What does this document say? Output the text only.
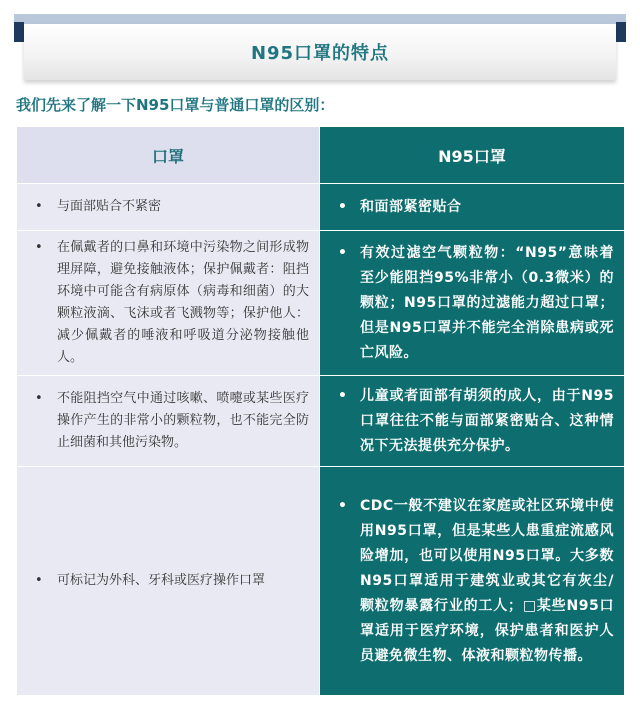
N95口罩的特点
我们先来了解一下N95口罩与普通口罩的区别：
口罩	N95口罩

• 与面部贴合不紧密	• 和面部紧密贴合

• 在佩戴者的口鼻和环境中污染物之间形成物理屏障，避免接触液体；保护佩戴者：阻挡环境中可能含有病原体（病毒和细菌）的大颗粒液滴、飞沫或者飞溅物等；保护他人：减少佩戴者的唾液和呼吸道分泌物接触他人。	• 有效过滤空气颗粒物：“N95”意味着至少能阻挡95%非常小（0.3微米）的颗粒；N95口罩的过滤能力超过口罩；但是N95口罩并不能完全消除患病或死亡风险。

• 不能阻挡空气中通过咳嗽、喷嚏或某些医疗操作产生的非常小的颗粒物，也不能完全防止细菌和其他污染物。	• 儿童或者面部有胡须的成人，由于N95口罩往往不能与面部紧密贴合、这种情况下无法提供充分保护。

• 可标记为外科、牙科或医疗操作口罩	• CDC一般不建议在家庭或社区环境中使用N95口罩，但是某些人患重症流感风险增加，也可以使用N95口罩。大多数N95口罩适用于建筑业或其它有灰尘/颗粒物暴露行业的工人；□某些N95口罩适用于医疗环境，保护患者和医护人员避免微生物、体液和颗粒物传播。
